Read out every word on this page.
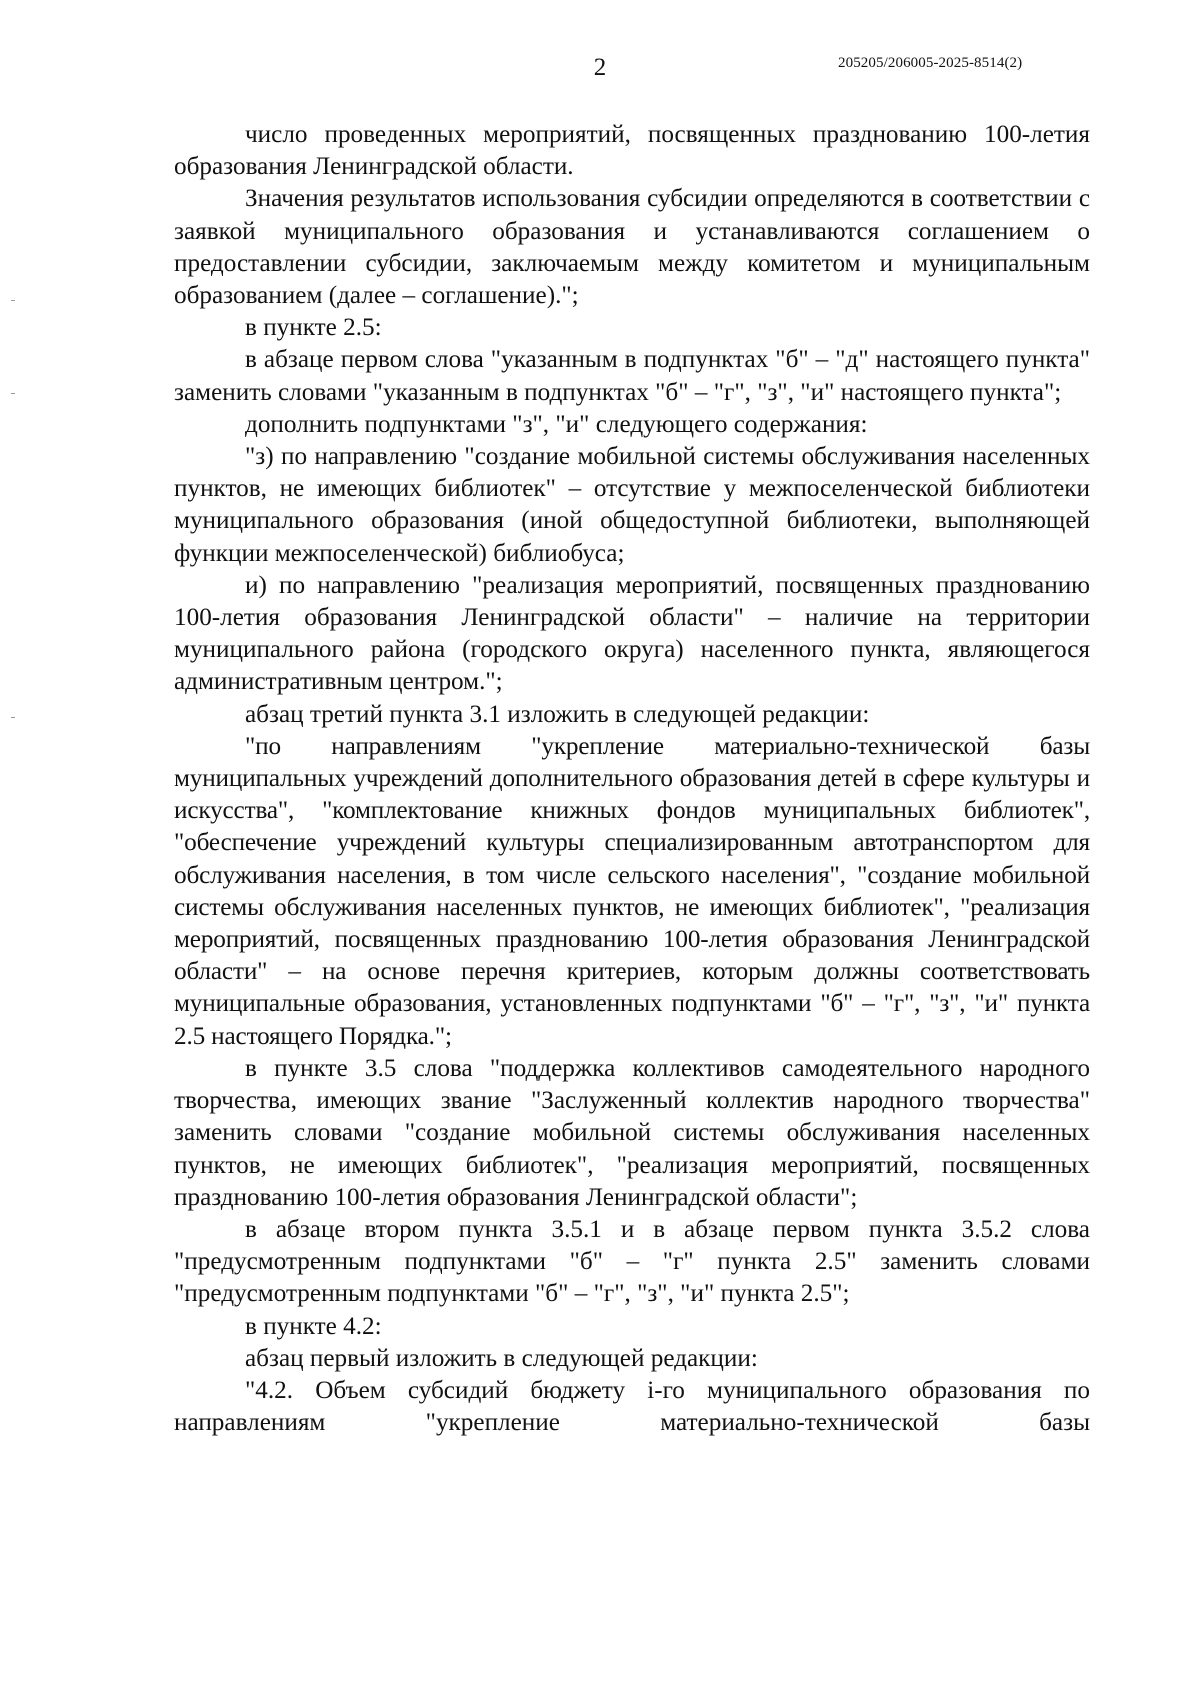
2	205205/206005-2025-8514(2)

число проведенных мероприятий, посвященных празднованию 100-летия образования Ленинградской области.

Значения результатов использования субсидии определяются в соответствии с заявкой муниципального образования и устанавливаются соглашением о предоставлении субсидии, заключаемым между комитетом и муниципальным образованием (далее – соглашение).";

в пункте 2.5:

в абзаце первом слова "указанным в подпунктах "б" – "д" настоящего пункта" заменить словами "указанным в подпунктах "б" – "г", "з", "и" настоящего пункта";

дополнить подпунктами "з", "и" следующего содержания:

"з) по направлению "создание мобильной системы обслуживания населенных пунктов, не имеющих библиотек" – отсутствие у межпоселенческой библиотеки муниципального образования (иной общедоступной библиотеки, выполняющей функции межпоселенческой) библиобуса;

и) по направлению "реализация мероприятий, посвященных празднованию 100-летия образования Ленинградской области" – наличие на территории муниципального района (городского округа) населенного пункта, являющегося административным центром.";

абзац третий пункта 3.1 изложить в следующей редакции:

"по направлениям "укрепление материально-технической базы муниципальных учреждений дополнительного образования детей в сфере культуры и искусства", "комплектование книжных фондов муниципальных библиотек", "обеспечение учреждений культуры специализированным автотранспортом для обслуживания населения, в том числе сельского населения", "создание мобильной системы обслуживания населенных пунктов, не имеющих библиотек", "реализация мероприятий, посвященных празднованию 100-летия образования Ленинградской области" – на основе перечня критериев, которым должны соответствовать муниципальные образования, установленных подпунктами "б" – "г", "з", "и" пункта 2.5 настоящего Порядка.";

в пункте 3.5 слова "поддержка коллективов самодеятельного народного творчества, имеющих звание "Заслуженный коллектив народного творчества" заменить словами "создание мобильной системы обслуживания населенных пунктов, не имеющих библиотек", "реализация мероприятий, посвященных празднованию 100-летия образования Ленинградской области";

в абзаце втором пункта 3.5.1 и в абзаце первом пункта 3.5.2 слова "предусмотренным подпунктами "б" – "г" пункта 2.5" заменить словами "предусмотренным подпунктами "б" – "г", "з", "и" пункта 2.5";

в пункте 4.2:

абзац первый изложить в следующей редакции:

"4.2. Объем субсидий бюджету i-го муниципального образования по направлениям "укрепление материально-технической базы
